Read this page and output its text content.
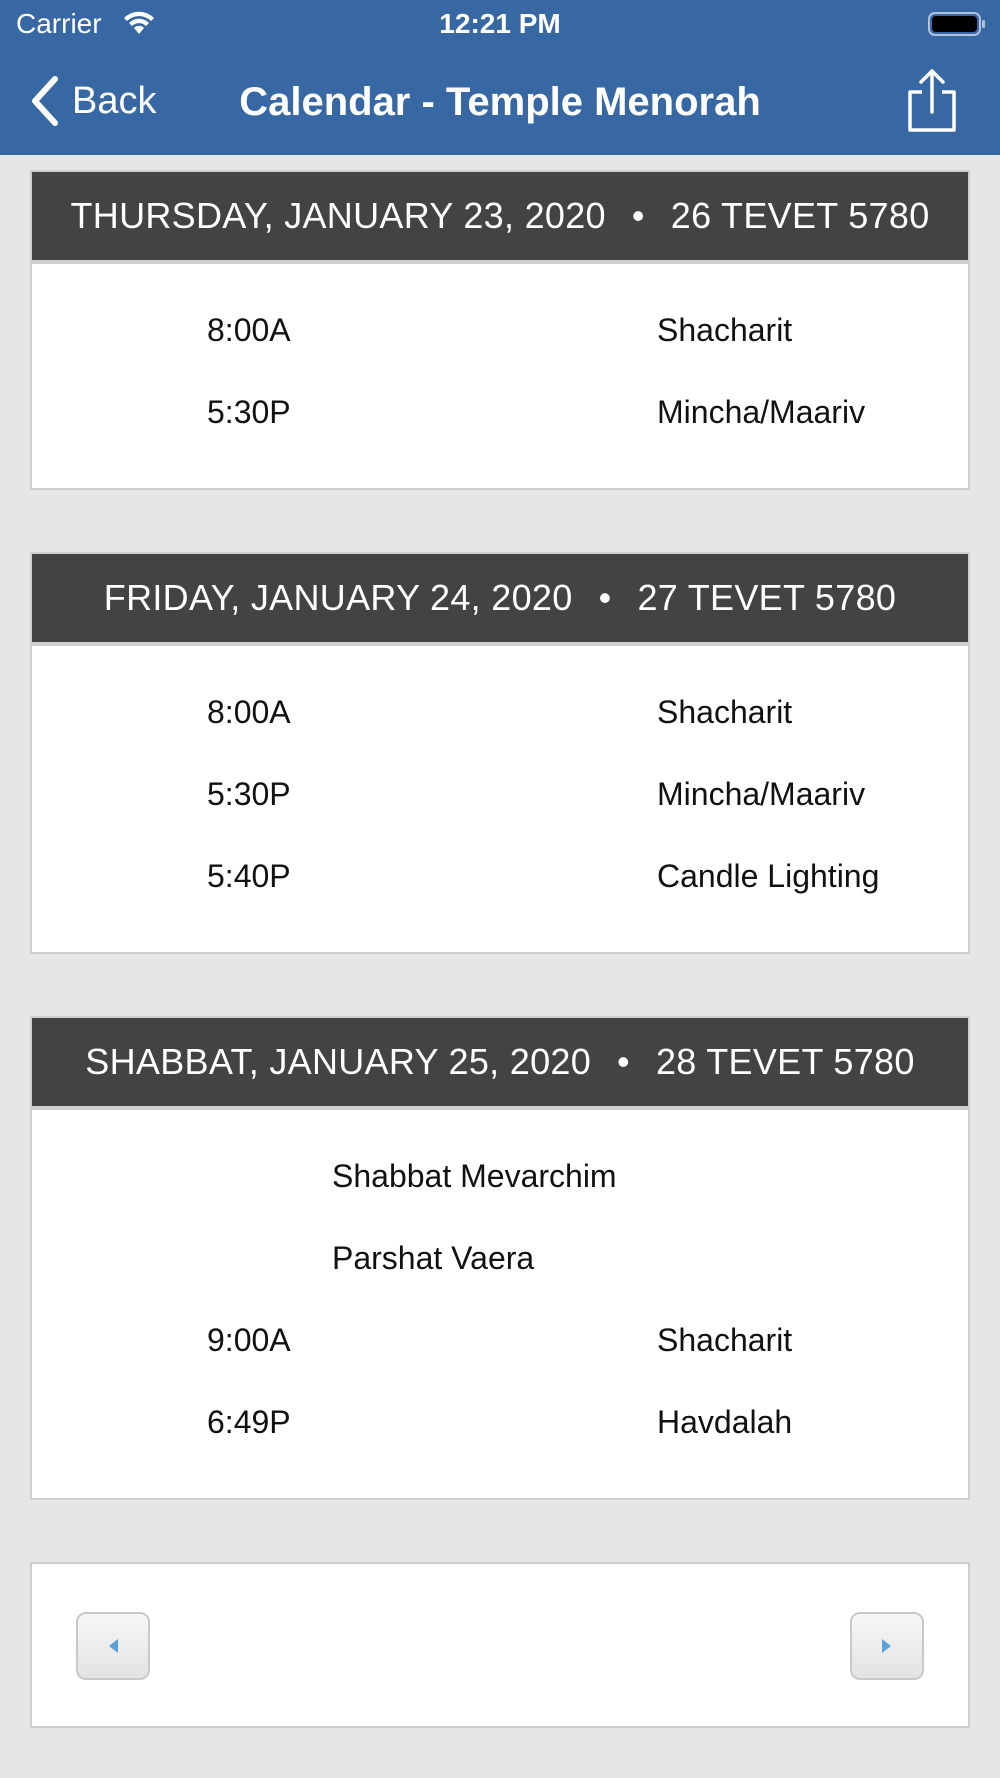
Carrier	12:21 PM
Back	Calendar - Temple Menorah
THURSDAY, JANUARY 23, 2020 • 26 TEVET 5780
8:00A	Shacharit
5:30P	Mincha/Maariv
FRIDAY, JANUARY 24, 2020 • 27 TEVET 5780
8:00A	Shacharit
5:30P	Mincha/Maariv
5:40P	Candle Lighting
SHABBAT, JANUARY 25, 2020 • 28 TEVET 5780
Shabbat Mevarchim
Parshat Vaera
9:00A	Shacharit
6:49P	Havdalah
